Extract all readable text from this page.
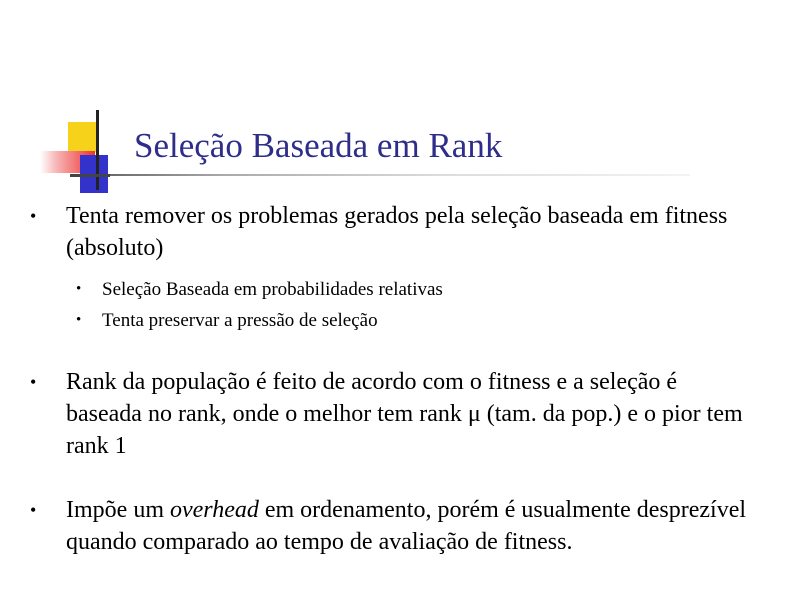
Seleção Baseada em Rank
• Tenta remover os problemas gerados pela seleção baseada em fitness (absoluto)
• Seleção Baseada em probabilidades relativas
• Tenta preservar a pressão de seleção
• Rank da população é feito de acordo com o fitness e a seleção é baseada no rank, onde o melhor tem rank μ (tam. da pop.) e o pior tem rank 1
• Impõe um overhead em ordenamento, porém é usualmente desprezível quando comparado ao tempo de avaliação de fitness.
